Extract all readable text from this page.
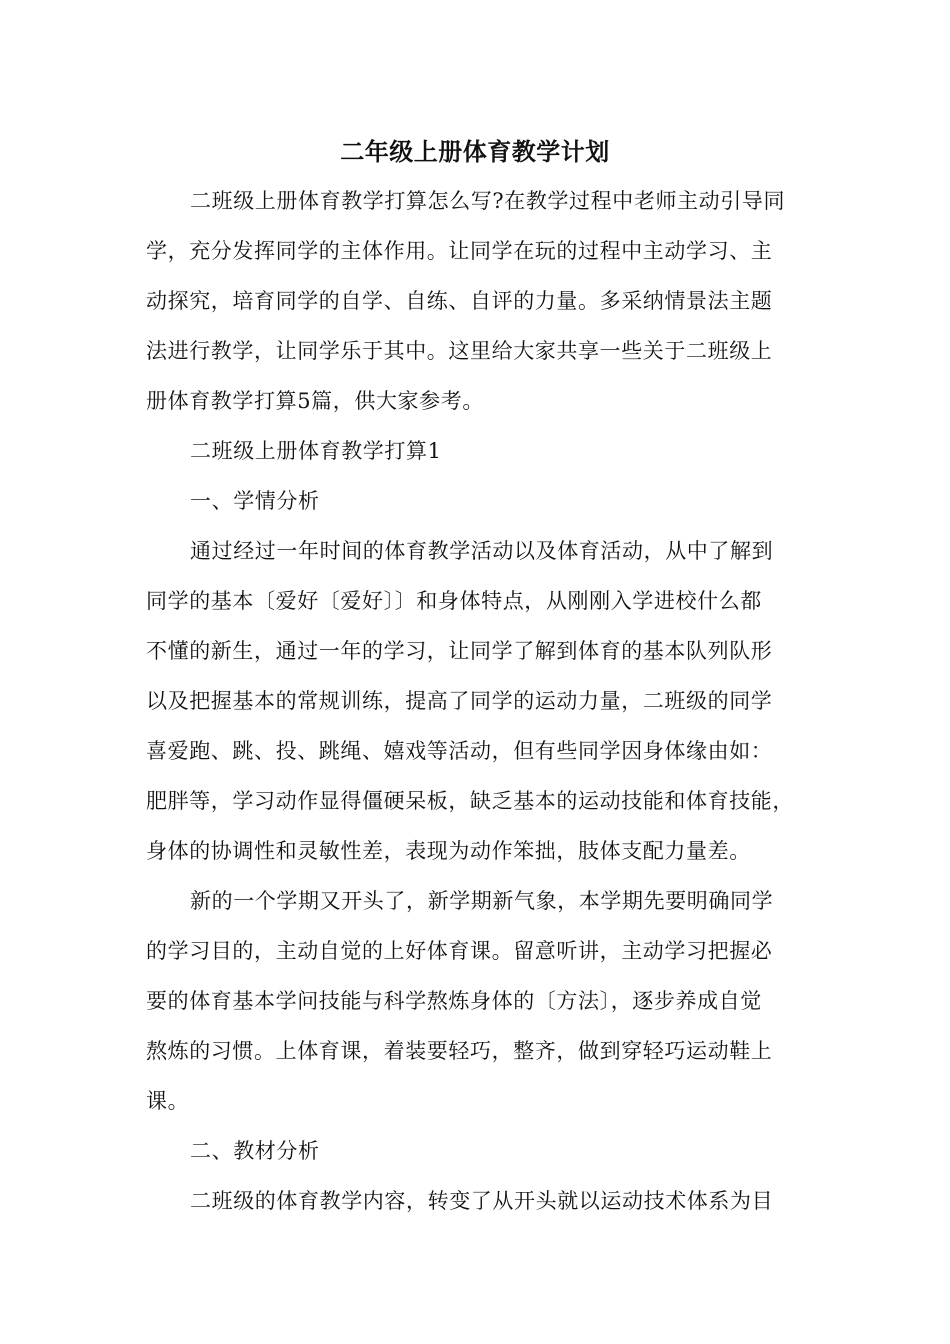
二年级上册体育教学计划
二班级上册体育教学打算怎么写?在教学过程中老师主动引导同
学，充分发挥同学的主体作用。让同学在玩的过程中主动学习、主
动探究，培育同学的自学、自练、自评的力量。多采纳情景法主题
法进行教学，让同学乐于其中。这里给大家共享一些关于二班级上
册体育教学打算5篇，供大家参考。
二班级上册体育教学打算1
一、学情分析
通过经过一年时间的体育教学活动以及体育活动，从中了解到
同学的基本〔爱好〔爱好〕〕和身体特点，从刚刚入学进校什么都
不懂的新生，通过一年的学习，让同学了解到体育的基本队列队形
以及把握基本的常规训练，提高了同学的运动力量，二班级的同学
喜爱跑、跳、投、跳绳、嬉戏等活动，但有些同学因身体缘由如：
肥胖等，学习动作显得僵硬呆板，缺乏基本的运动技能和体育技能，
身体的协调性和灵敏性差，表现为动作笨拙，肢体支配力量差。
新的一个学期又开头了，新学期新气象，本学期先要明确同学
的学习目的，主动自觉的上好体育课。留意听讲，主动学习把握必
要的体育基本学问技能与科学熬炼身体的〔方法〕，逐步养成自觉
熬炼的习惯。上体育课，着装要轻巧，整齐，做到穿轻巧运动鞋上
课。
二、教材分析
二班级的体育教学内容，转变了从开头就以运动技术体系为目
